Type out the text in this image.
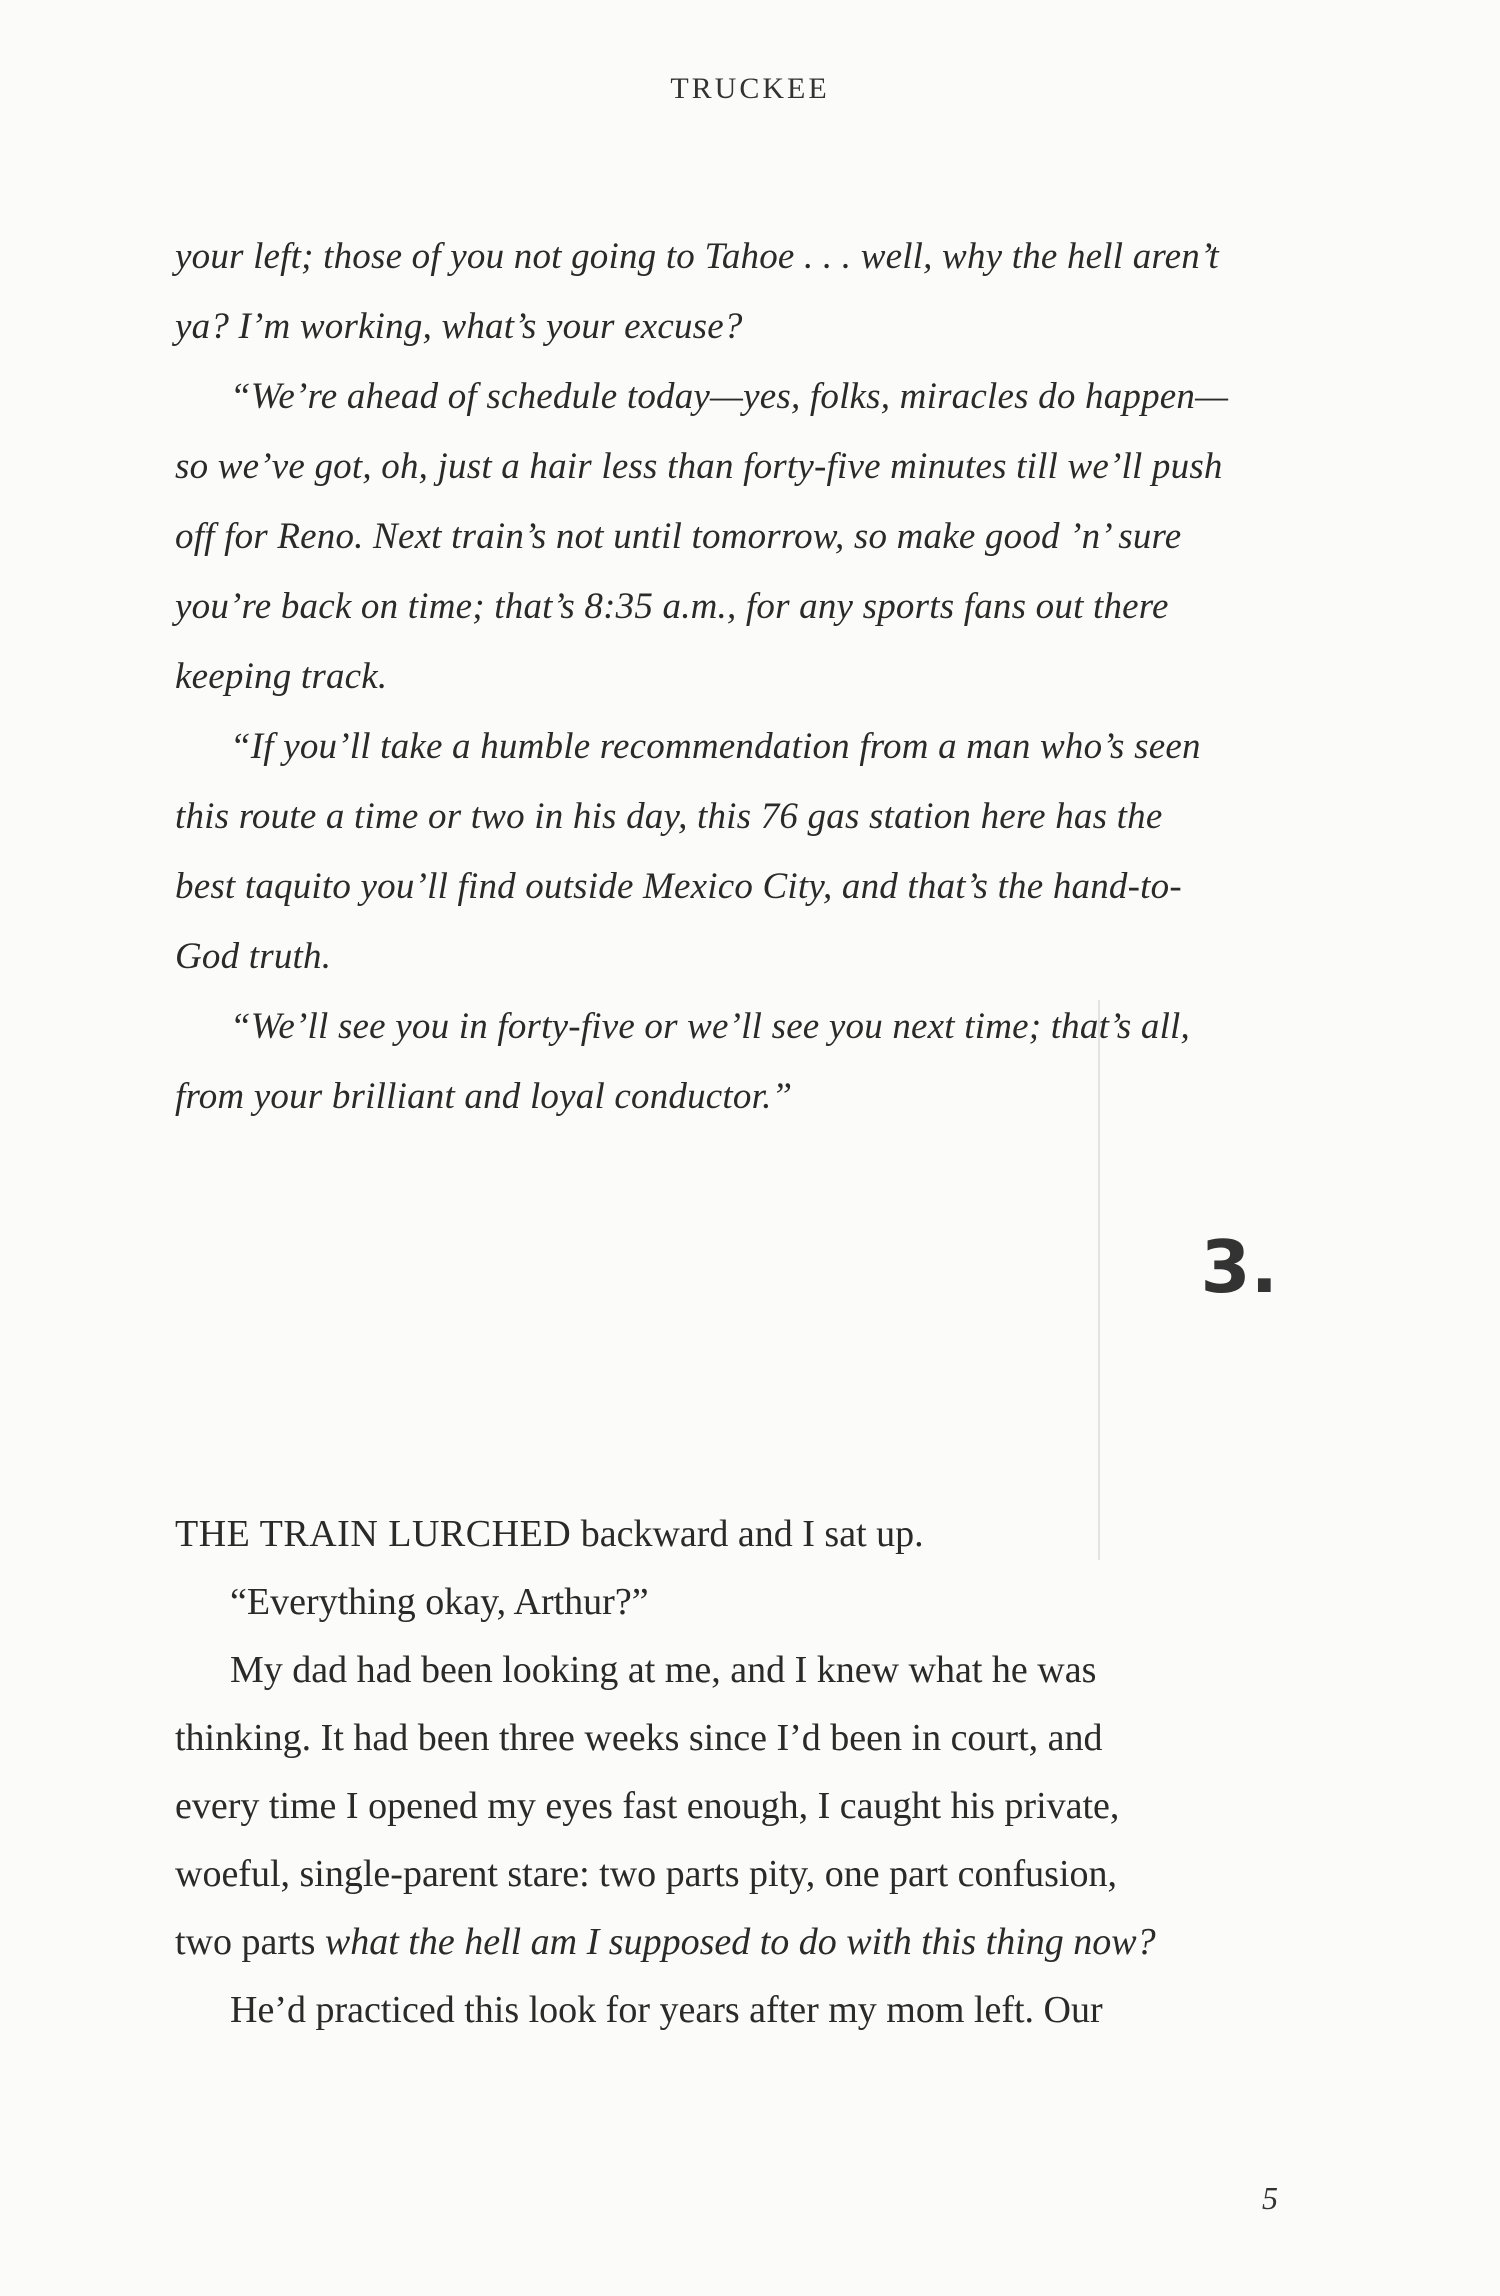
TRUCKEE
your left; those of you not going to Tahoe . . . well, why the hell aren’t
ya? I’m working, what’s your excuse?
“We’re ahead of schedule today—yes, folks, miracles do happen—
so we’ve got, oh, just a hair less than forty-five minutes till we’ll push
off for Reno. Next train’s not until tomorrow, so make good ’n’ sure
you’re back on time; that’s 8:35 a.m., for any sports fans out there
keeping track.
“If you’ll take a humble recommendation from a man who’s seen
this route a time or two in his day, this 76 gas station here has the
best taquito you’ll find outside Mexico City, and that’s the hand-to-
God truth.
“We’ll see you in forty-five or we’ll see you next time; that’s all,
from your brilliant and loyal conductor.”
3.
THE TRAIN LURCHED backward and I sat up.
“Everything okay, Arthur?”
My dad had been looking at me, and I knew what he was
thinking. It had been three weeks since I’d been in court, and
every time I opened my eyes fast enough, I caught his private,
woeful, single-parent stare: two parts pity, one part confusion,
two parts what the hell am I supposed to do with this thing now?
He’d practiced this look for years after my mom left. Our
5
